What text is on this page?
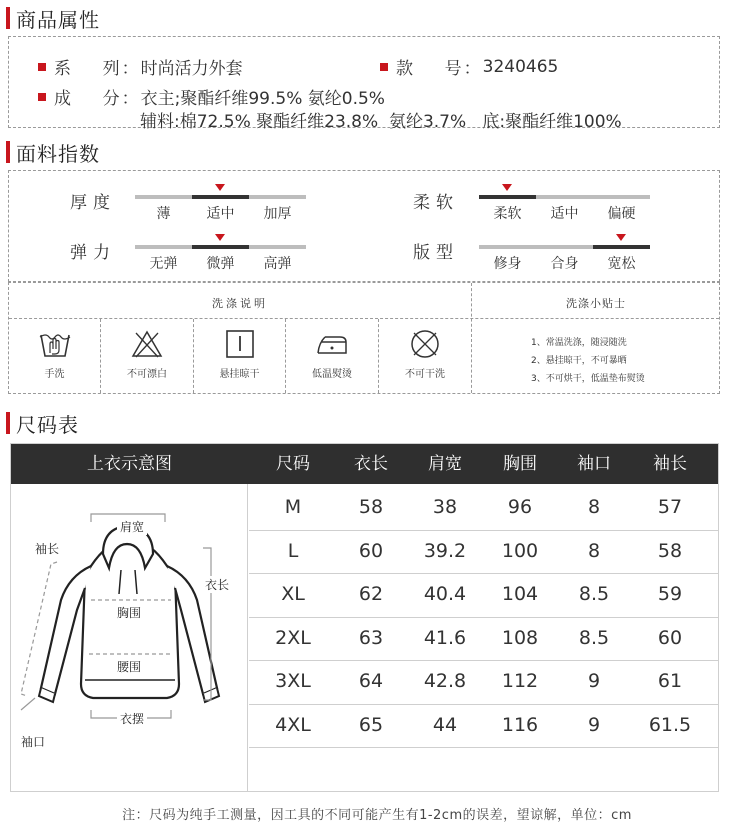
商品属性
系    列： 时尚活力外套	款    号： 3240465
成    分： 衣主;聚酯纤维99.5% 氨纶0.5%
辅料:棉72.5% 聚酯纤维23.8%  氨纶3.7%   底:聚酯纤维100%
面料指数
厚度
薄	适中	加厚
柔软
柔软	适中	偏硬
弹力
无弹	微弹	高弹
版型
修身	合身	宽松
洗涤说明	洗涤小贴士
手洗	不可漂白	悬挂晾干	低温熨烫	不可干洗
1、常温洗涤，随浸随洗
2、悬挂晾干，不可暴晒
3、不可烘干，低温垫布熨烫
尺码表
上衣示意图	尺码	衣长	肩宽	胸围	袖口	袖长
肩宽
袖长
衣长
胸围
腰围
衣摆
袖口
M	58	38	96	8	57
L	60	39.2	100	8	58
XL	62	40.4	104	8.5	59
2XL	63	41.6	108	8.5	60
3XL	64	42.8	112	9	61
4XL	65	44	116	9	61.5
注：尺码为纯手工测量，因工具的不同可能产生有1-2cm的误差，望谅解，单位：cm
